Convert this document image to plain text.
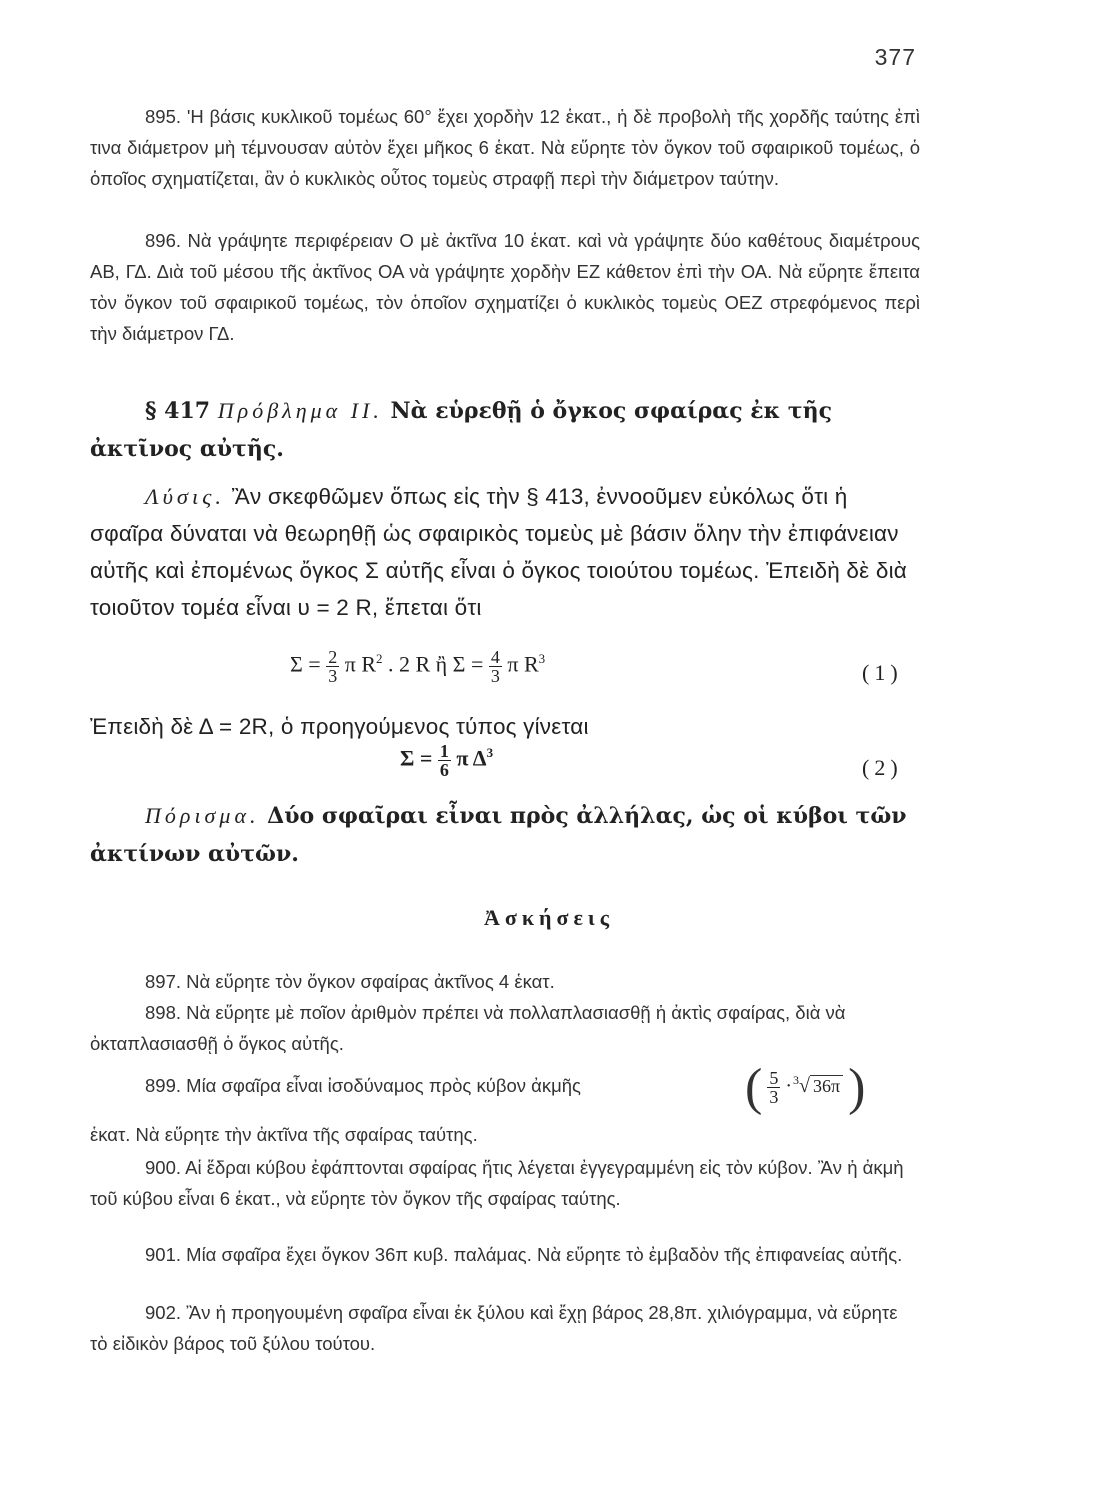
377
895. 'Η βάσις κυκλικοῦ τομέως 60° ἔχει χορδὴν 12 ἑκατ., ἡ δὲ προβολὴ τῆς χορδῆς ταύτης ἐπὶ τινα διάμετρον μὴ τέμνουσαν αὐτὸν ἔχει μῆκος 6 ἑκατ. Νὰ εὕρητε τὸν ὄγκον τοῦ σφαιρικοῦ τομέως, ὁ ὁποῖος σχηματίζεται, ἂν ὁ κυκλικὸς οὗτος τομεὺς στραφῇ περὶ τὴν διάμετρον ταύτην.
896. Νὰ γράψητε περιφέρειαν Ο μὲ ἀκτῖνα 10 ἑκατ. καὶ νὰ γράψητε δύο καθέτους διαμέτρους ΑΒ, ΓΔ. Διὰ τοῦ μέσου τῆς ἀκτῖνος ΟΑ νὰ γράψητε χορδὴν ΕΖ κάθετον ἐπὶ τὴν ΟΑ. Νὰ εὕρητε ἔπειτα τὸν ὄγκον τοῦ σφαιρικοῦ τομέως, τὸν ὁποῖον σχηματίζει ὁ κυκλικὸς τομεὺς ΟΕΖ στρεφόμενος περὶ τὴν διάμετρον ΓΔ.
§ 417 Πρόβλημα ΙΙ. Νὰ εὑρεθῇ ὁ ὄγκος σφαίρας ἐκ τῆς ἀκτῖνος αὐτῆς.
Λύσις. Ἂν σκεφθῶμεν ὅπως εἰς τὴν § 413, ἐννοοῦμεν εὐκόλως ὅτι ἡ σφαῖρα δύναται νὰ θεωρηθῇ ὡς σφαιρικὸς τομεὺς μὲ βάσιν ὅλην τὴν ἐπιφάνειαν αὐτῆς καὶ ἐπομένως ὄγκος Σ αὐτῆς εἶναι ὁ ὄγκος τοιούτου τομέως. Ἐπειδὴ δὲ διὰ τοιοῦτον τομέα εἶναι υ = 2 R, ἔπεται ὅτι
$\Sigma = \frac{2}{3}$ π $R^2$ . 2 R ἢ $\Sigma = \frac{4}{3}$ π $R^3$
(1)
Ἐπειδὴ δὲ Δ = 2R, ὁ προηγούμενος τύπος γίνεται
$\Sigma = \frac{1}{6}$ π $\Delta^3$
(2)
Πόρισμα. Δύο σφαῖραι εἶναι πρὸς ἀλλήλας, ὡς οἱ κύβοι τῶν ἀκτίνων αὐτῶν.
Ἀσκήσεις
897. Νὰ εὕρητε τὸν ὄγκον σφαίρας ἀκτῖνος 4 ἑκατ.
898. Νὰ εὕρητε μὲ ποῖον ἀριθμὸν πρέπει νὰ πολλαπλασιασθῇ ἡ ἀκτὶς σφαίρας, διὰ νὰ ὀκταπλασιασθῇ ὁ ὄγκος αὐτῆς.
899. Μία σφαῖρα εἶναι ἰσοδύναμος πρὸς κύβον ἀκμῆς
ἑκατ. Νὰ εὕρητε τὴν ἀκτῖνα τῆς σφαίρας ταύτης.
( $\frac{5}{3} \cdot ^3√$ 36π )
900. Αἱ ἕδραι κύβου ἐφάπτονται σφαίρας ἥτις λέγεται ἐγγεγραμμένη εἰς τὸν κύβον. Ἂν ἡ ἀκμὴ τοῦ κύβου εἶναι 6 ἑκατ., νὰ εὕρητε τὸν ὄγκον τῆς σφαίρας ταύτης.
901. Μία σφαῖρα ἔχει ὄγκον 36π κυβ. παλάμας. Νὰ εὕρητε τὸ ἐμβαδὸν τῆς ἐπιφανείας αὐτῆς.
902. Ἂν ἡ προηγουμένη σφαῖρα εἶναι ἐκ ξύλου καὶ ἔχῃ βάρος 28,8π. χιλιόγραμμα, νὰ εὕρητε τὸ εἰδικὸν βάρος τοῦ ξύλου τούτου.
